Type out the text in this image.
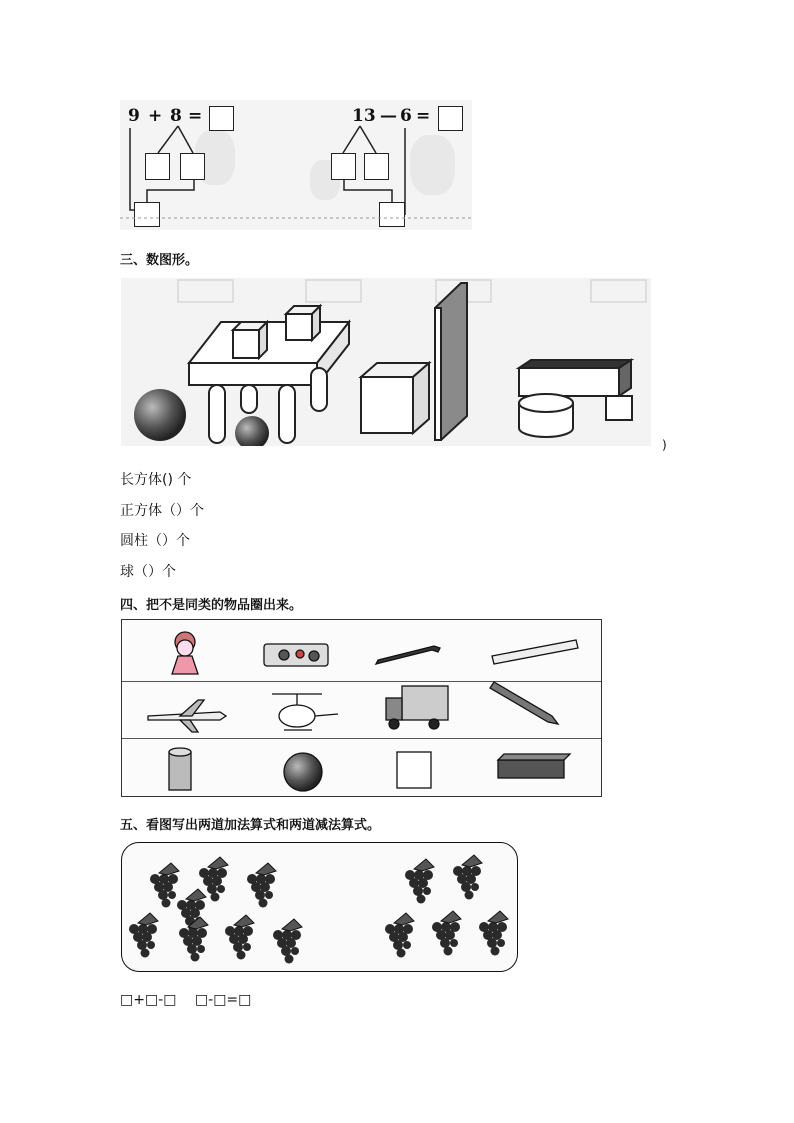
9 + 8 =	13 — 6 =
三、数图形。
)
长方体() 个
正方体（）个
圆柱（）个
球（）个
四、把不是同类的物品圈出来。
五、看图写出两道加法算式和两道减法算式。
□+□-□　 □-□=□
